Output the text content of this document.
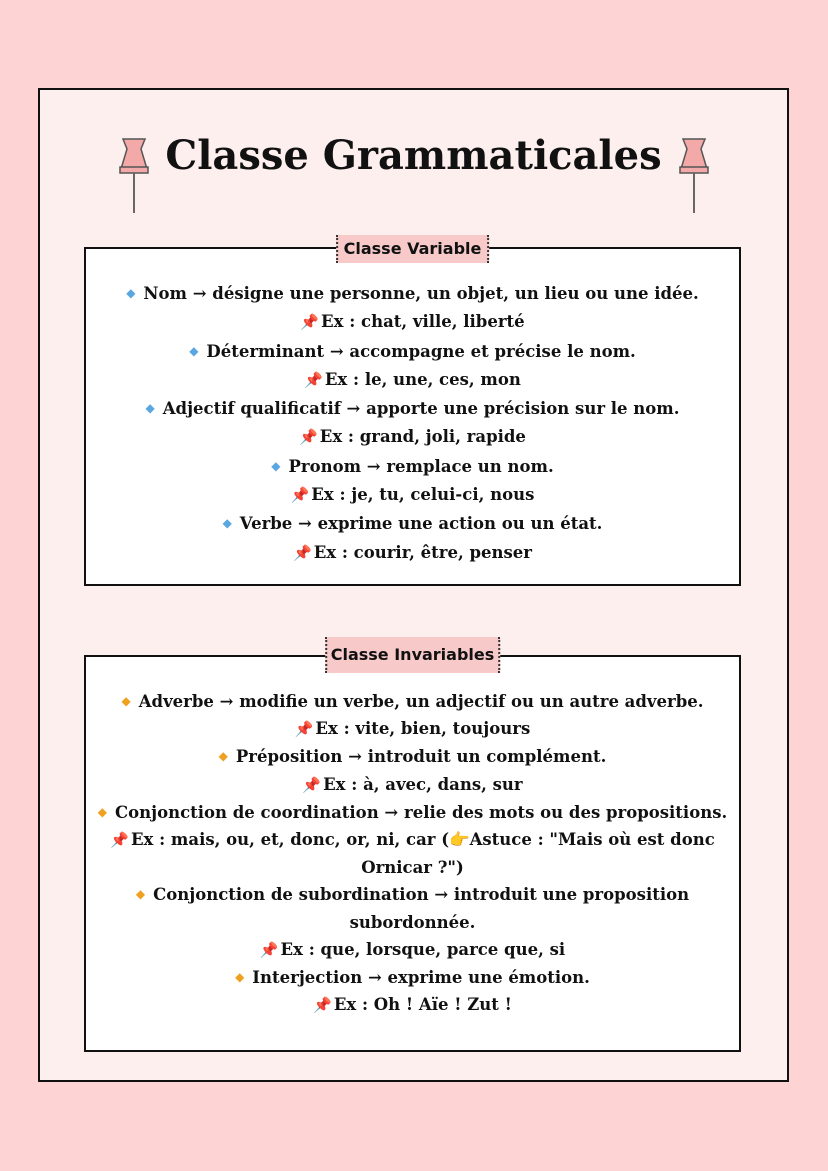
Classe Grammaticales
Classe Variable

◆ Nom → désigne une personne, un objet, un lieu ou une idée.

📌 Ex : chat, ville, liberté

◆ Déterminant → accompagne et précise le nom.

📌 Ex : le, une, ces, mon

◆ Adjectif qualificatif → apporte une précision sur le nom.

📌 Ex : grand, joli, rapide

◆ Pronom → remplace un nom.

📌 Ex : je, tu, celui-ci, nous

◆ Verbe → exprime une action ou un état.

📌 Ex : courir, être, penser

Classe Invariables

◆ Adverbe → modifie un verbe, un adjectif ou un autre adverbe.

📌 Ex : vite, bien, toujours

◆ Préposition → introduit un complément.

📌 Ex : à, avec, dans, sur

◆ Conjonction de coordination → relie des mots ou des propositions.

📌 Ex : mais, ou, et, donc, or, ni, car (👉Astuce : "Mais où est donc

Ornicar ?")

◆ Conjonction de subordination → introduit une proposition

subordonnée.

📌 Ex : que, lorsque, parce que, si

◆ Interjection → exprime une émotion.

📌 Ex : Oh ! Aïe ! Zut !
